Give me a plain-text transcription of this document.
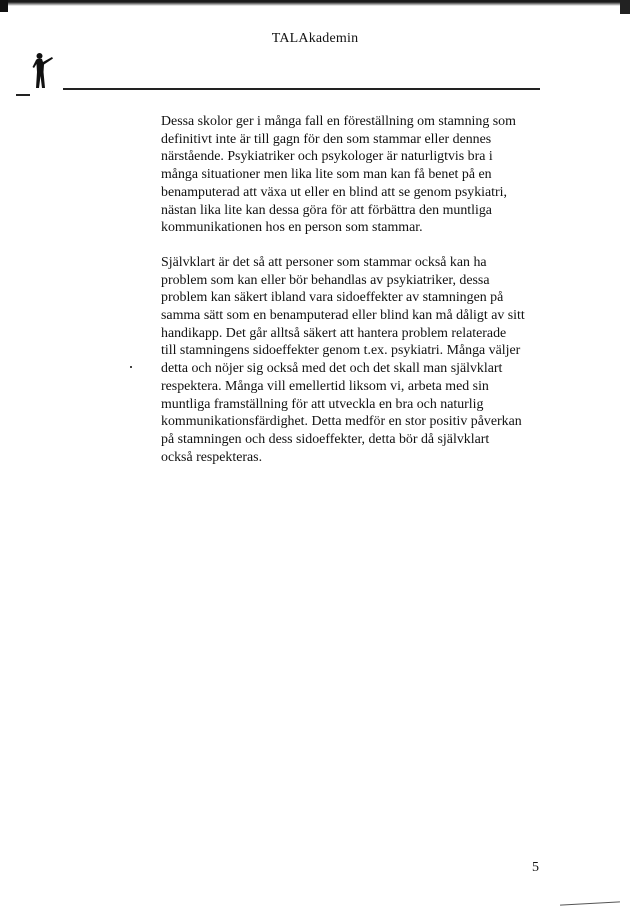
TALAkademin

Dessa skolor ger i många fall en föreställning om stamning som
definitivt inte är till gagn för den som stammar eller dennes
närstående. Psykiatriker och psykologer är naturligtvis bra i
många situationer men lika lite som man kan få benet på en
benamputerad att växa ut eller en blind att se genom psykiatri,
nästan lika lite kan dessa göra för att förbättra den muntliga
kommunikationen hos en person som stammar.

Självklart är det så att personer som stammar också kan ha
problem som kan eller bör behandlas av psykiatriker, dessa
problem kan säkert ibland vara sidoeffekter av stamningen på
samma sätt som en benamputerad eller blind kan må dåligt av sitt
handikapp. Det går alltså säkert att hantera problem relaterade
till stamningens sidoeffekter genom t.ex. psykiatri. Många väljer
detta och nöjer sig också med det och det skall man självklart
respektera. Många vill emellertid liksom vi, arbeta med sin
muntliga framställning för att utveckla en bra och naturlig
kommunikationsfärdighet. Detta medför en stor positiv påverkan
på stamningen och dess sidoeffekter, detta bör då självklart
också respekteras.

5
